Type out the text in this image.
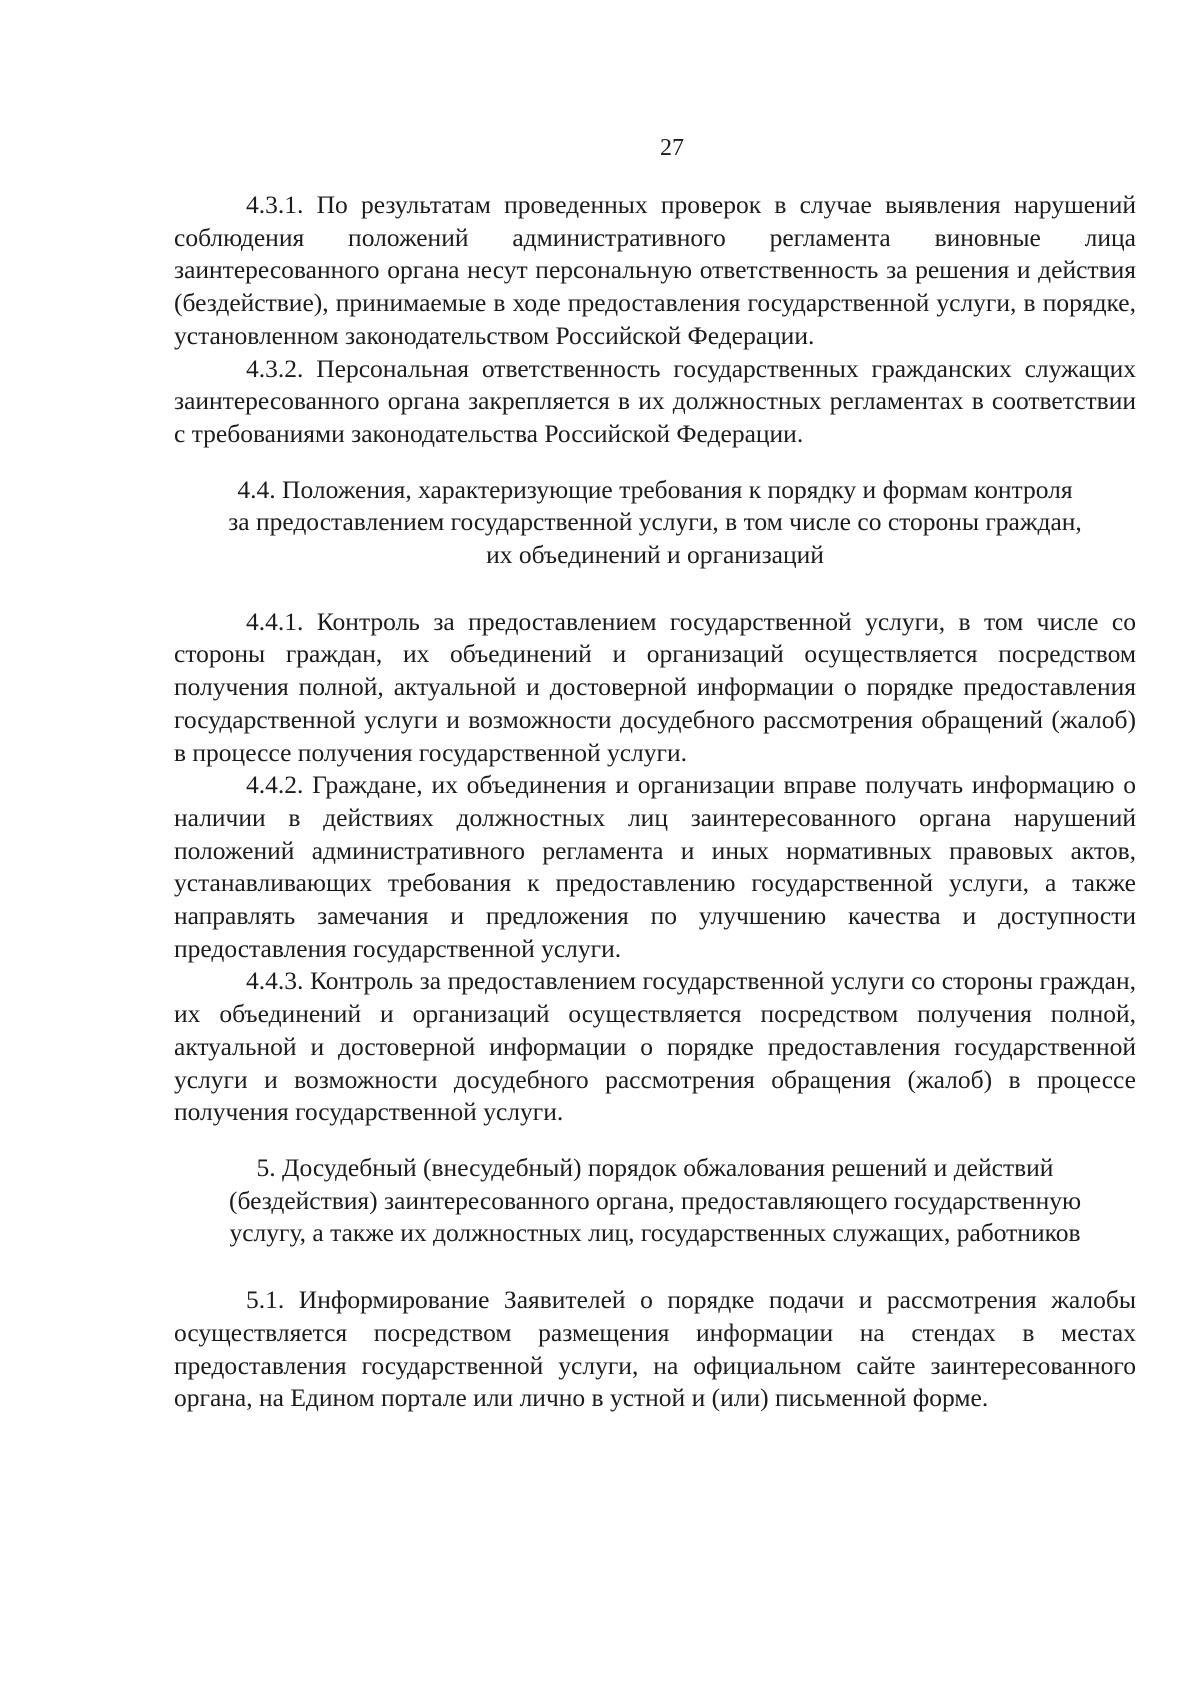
27

4.3.1. По результатам проведенных проверок в случае выявления нарушений соблюдения положений административного регламента виновные лица заинтересованного органа несут персональную ответственность за решения и действия (бездействие), принимаемые в ходе предоставления государственной услуги, в порядке, установленном законодательством Российской Федерации.

4.3.2. Персональная ответственность государственных гражданских служащих заинтересованного органа закрепляется в их должностных регламентах в соответствии с требованиями законодательства Российской Федерации.

4.4. Положения, характеризующие требования к порядку и формам контроля
за предоставлением государственной услуги, в том числе со стороны граждан,
их объединений и организаций

4.4.1. Контроль за предоставлением государственной услуги, в том числе со стороны граждан, их объединений и организаций осуществляется посредством получения полной, актуальной и достоверной информации о порядке предоставления государственной услуги и возможности досудебного рассмотрения обращений (жалоб) в процессе получения государственной услуги.

4.4.2. Граждане, их объединения и организации вправе получать информацию о наличии в действиях должностных лиц заинтересованного органа нарушений положений административного регламента и иных нормативных правовых актов, устанавливающих требования к предоставлению государственной услуги, а также направлять замечания и предложения по улучшению качества и доступности предоставления государственной услуги.

4.4.3. Контроль за предоставлением государственной услуги со стороны граждан, их объединений и организаций осуществляется посредством получения полной, актуальной и достоверной информации о порядке предоставления государственной услуги и возможности досудебного рассмотрения обращения (жалоб) в процессе получения государственной услуги.

5. Досудебный (внесудебный) порядок обжалования решений и действий
(бездействия) заинтересованного органа, предоставляющего государственную
услугу, а также их должностных лиц, государственных служащих, работников

5.1. Информирование Заявителей о порядке подачи и рассмотрения жалобы осуществляется посредством размещения информации на стендах в местах предоставления государственной услуги, на официальном сайте заинтересованного органа, на Едином портале или лично в устной и (или) письменной форме.
